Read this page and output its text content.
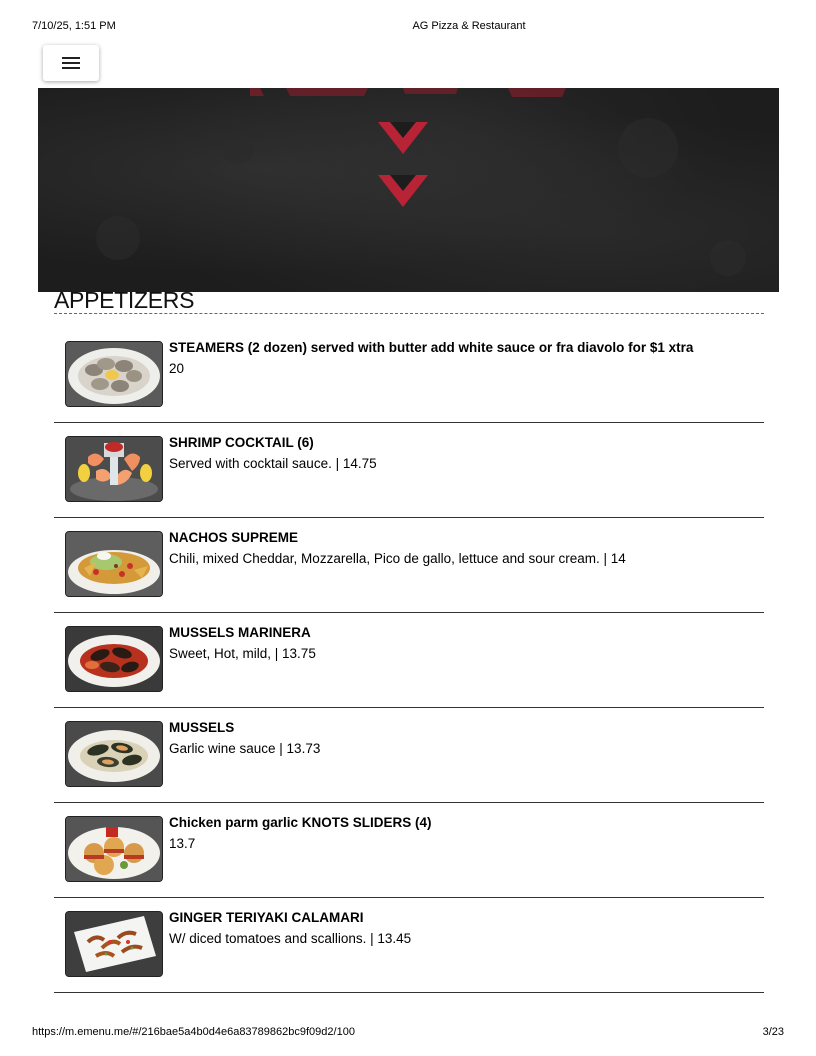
7/10/25, 1:51 PM	AG Pizza & Restaurant
APPETIZERS
STEAMERS (2 dozen) served with butter add white sauce or fra diavolo for $1 xtra
20
SHRIMP COCKTAIL (6)
Served with cocktail sauce. | 14.75
NACHOS SUPREME
Chili, mixed Cheddar, Mozzarella, Pico de gallo, lettuce and sour cream. | 14
MUSSELS MARINERA
Sweet, Hot, mild, | 13.75
MUSSELS
Garlic wine sauce | 13.73
Chicken parm garlic KNOTS SLIDERS (4)
13.7
GINGER TERIYAKI CALAMARI
W/ diced tomatoes and scallions. | 13.45
https://m.emenu.me/#/216bae5a4b0d4e6a83789862bc9f09d2/100	3/23
